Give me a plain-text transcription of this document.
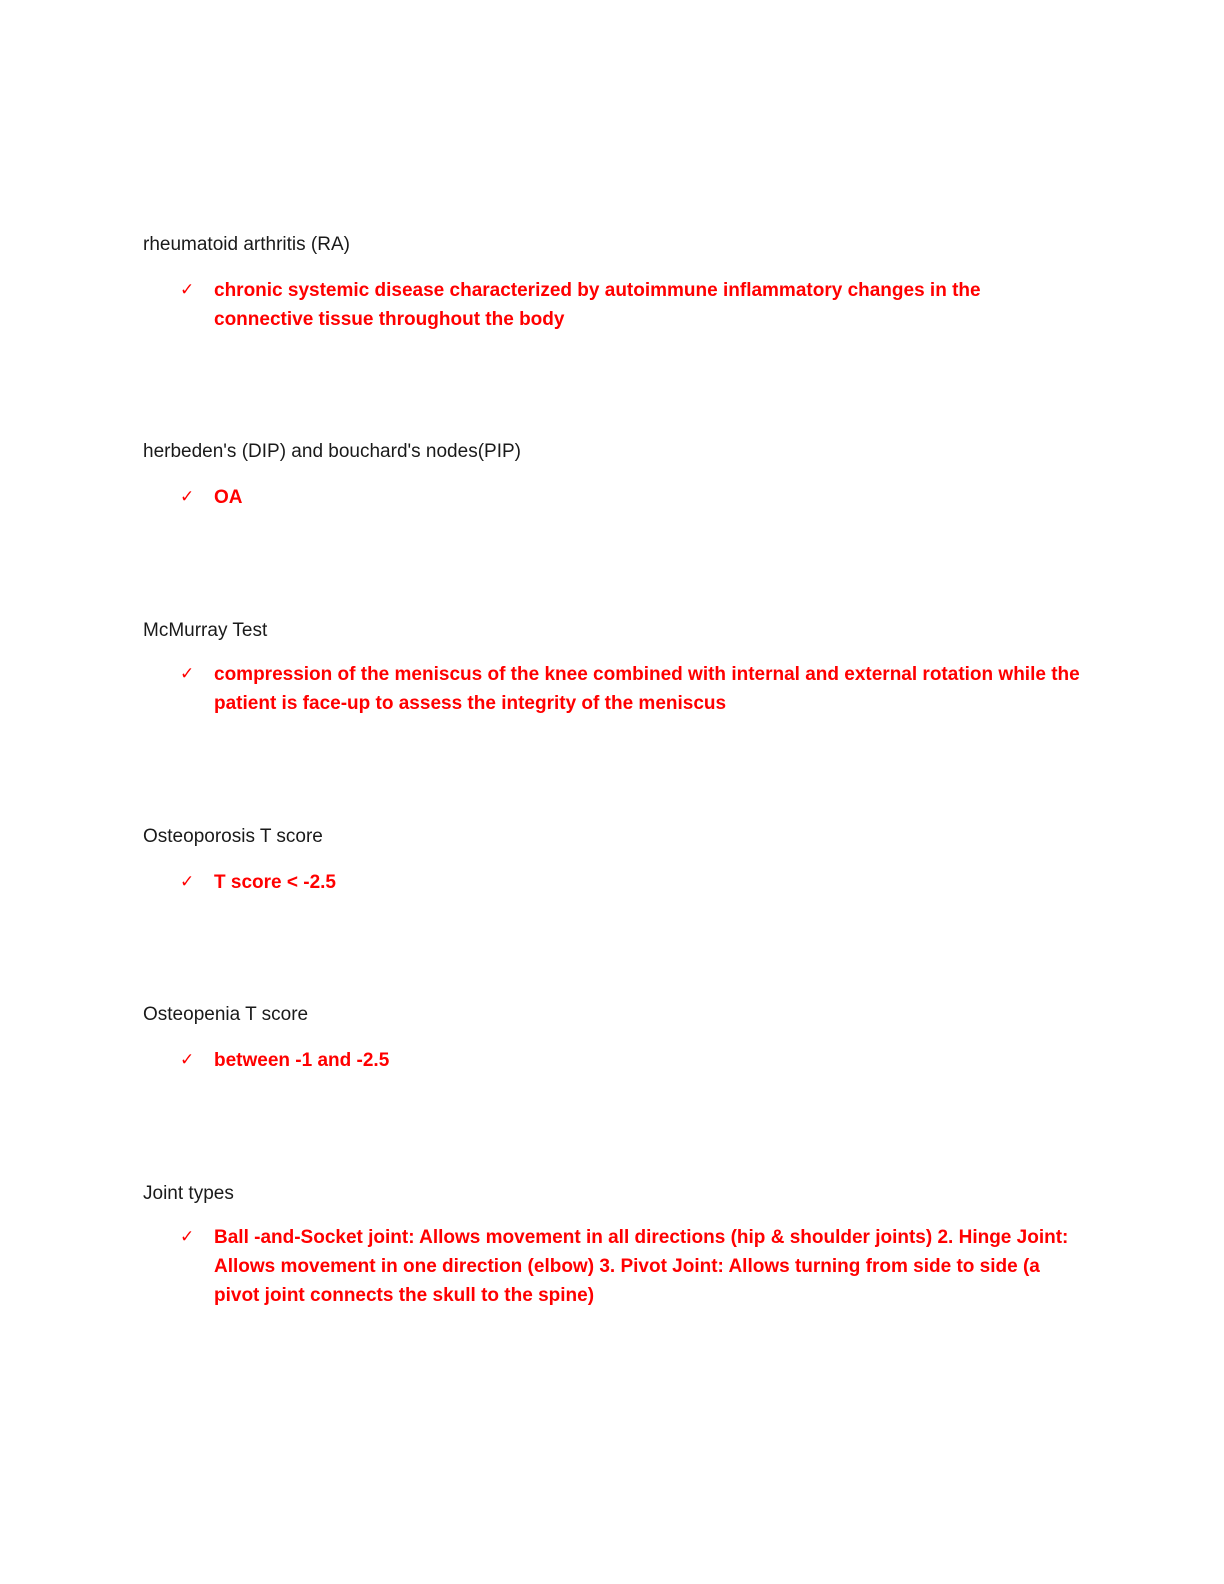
rheumatoid arthritis (RA)
✓ chronic systemic disease characterized by autoimmune inflammatory changes in the connective tissue throughout the body
herbeden's (DIP) and bouchard's nodes(PIP)
✓ OA
McMurray Test
✓ compression of the meniscus of the knee combined with internal and external rotation while the patient is face-up to assess the integrity of the meniscus
Osteoporosis T score
✓ T score < -2.5
Osteopenia T score
✓ between -1 and -2.5
Joint types
✓ Ball -and-Socket joint: Allows movement in all directions (hip & shoulder joints) 2. Hinge Joint: Allows movement in one direction (elbow) 3. Pivot Joint: Allows turning from side to side (a pivot joint connects the skull to the spine)
